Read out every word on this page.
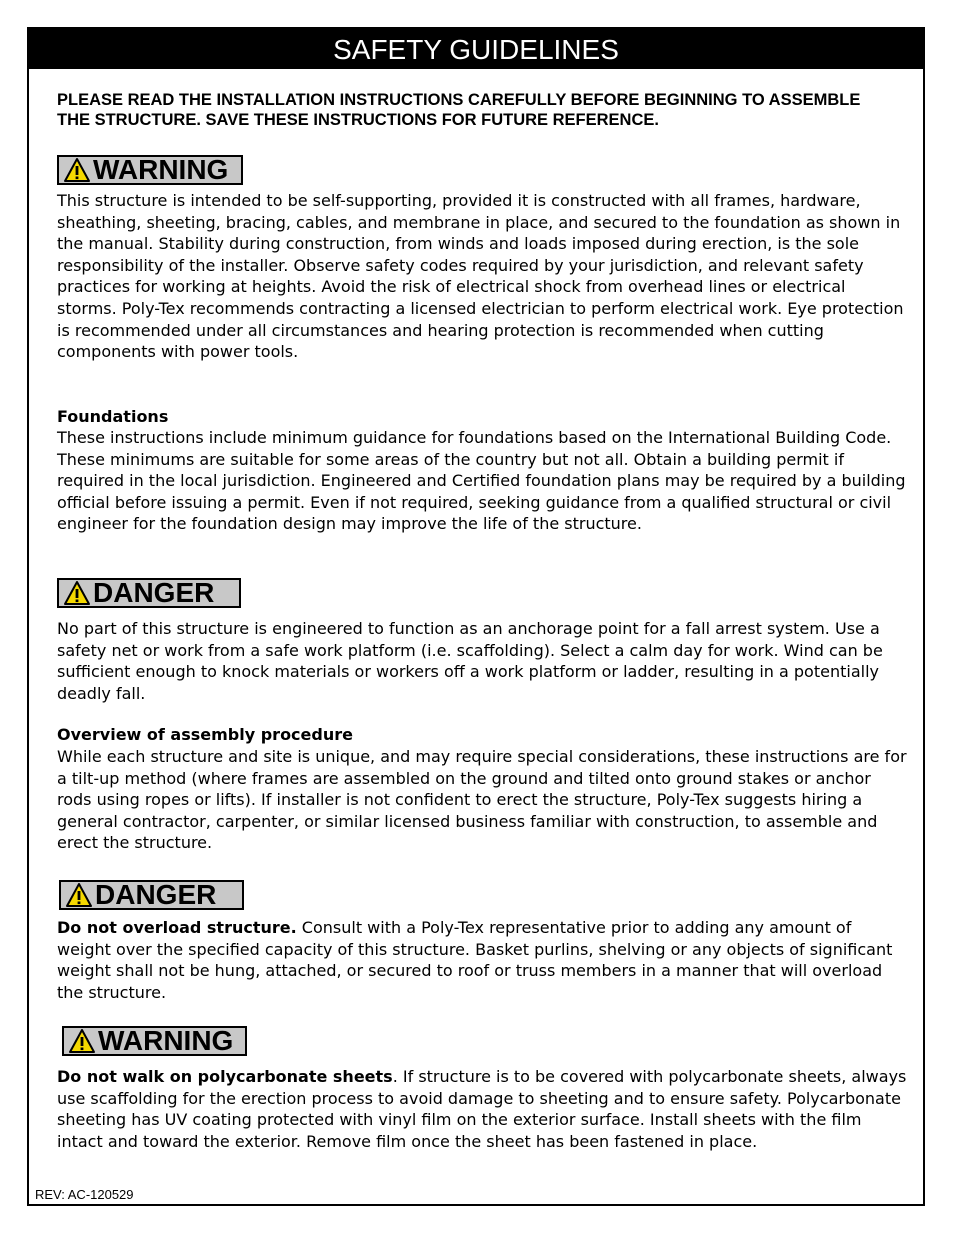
SAFETY GUIDELINES
PLEASE READ THE INSTALLATION INSTRUCTIONS CAREFULLY BEFORE BEGINNING TO ASSEMBLE THE STRUCTURE. SAVE THESE INSTRUCTIONS FOR FUTURE REFERENCE.
WARNING
This structure is intended to be self-supporting, provided it is constructed with all frames, hardware, sheathing, sheeting, bracing, cables, and membrane in place, and secured to the foundation as shown in the manual. Stability during construction, from winds and loads imposed during erection, is the sole responsibility of the installer. Observe safety codes required by your jurisdiction, and relevant safety practices for working at heights. Avoid the risk of electrical shock from overhead lines or electrical storms. Poly-Tex recommends contracting a licensed electrician to perform electrical work. Eye protection is recommended under all circumstances and hearing protection is recommended when cutting components with power tools.
Foundations
These instructions include minimum guidance for foundations based on the International Building Code. These minimums are suitable for some areas of the country but not all. Obtain a building permit if required in the local jurisdiction. Engineered and Certified foundation plans may be required by a building official before issuing a permit. Even if not required, seeking guidance from a qualified structural or civil engineer for the foundation design may improve the life of the structure.
DANGER
No part of this structure is engineered to function as an anchorage point for a fall arrest system. Use a safety net or work from a safe work platform (i.e. scaffolding). Select a calm day for work. Wind can be sufficient enough to knock materials or workers off a work platform or ladder, resulting in a potentially deadly fall.
Overview of assembly procedure
While each structure and site is unique, and may require special considerations, these instructions are for a tilt-up method (where frames are assembled on the ground and tilted onto ground stakes or anchor rods using ropes or lifts). If installer is not confident to erect the structure, Poly-Tex suggests hiring a general contractor, carpenter, or similar licensed business familiar with construction, to assemble and erect the structure.
DANGER
Do not overload structure. Consult with a Poly-Tex representative prior to adding any amount of weight over the specified capacity of this structure. Basket purlins, shelving or any objects of significant weight shall not be hung, attached, or secured to roof or truss members in a manner that will overload the structure.
WARNING
Do not walk on polycarbonate sheets. If structure is to be covered with polycarbonate sheets, always use scaffolding for the erection process to avoid damage to sheeting and to ensure safety. Polycarbonate sheeting has UV coating protected with vinyl film on the exterior surface. Install sheets with the film intact and toward the exterior. Remove film once the sheet has been fastened in place.
REV: AC-120529
